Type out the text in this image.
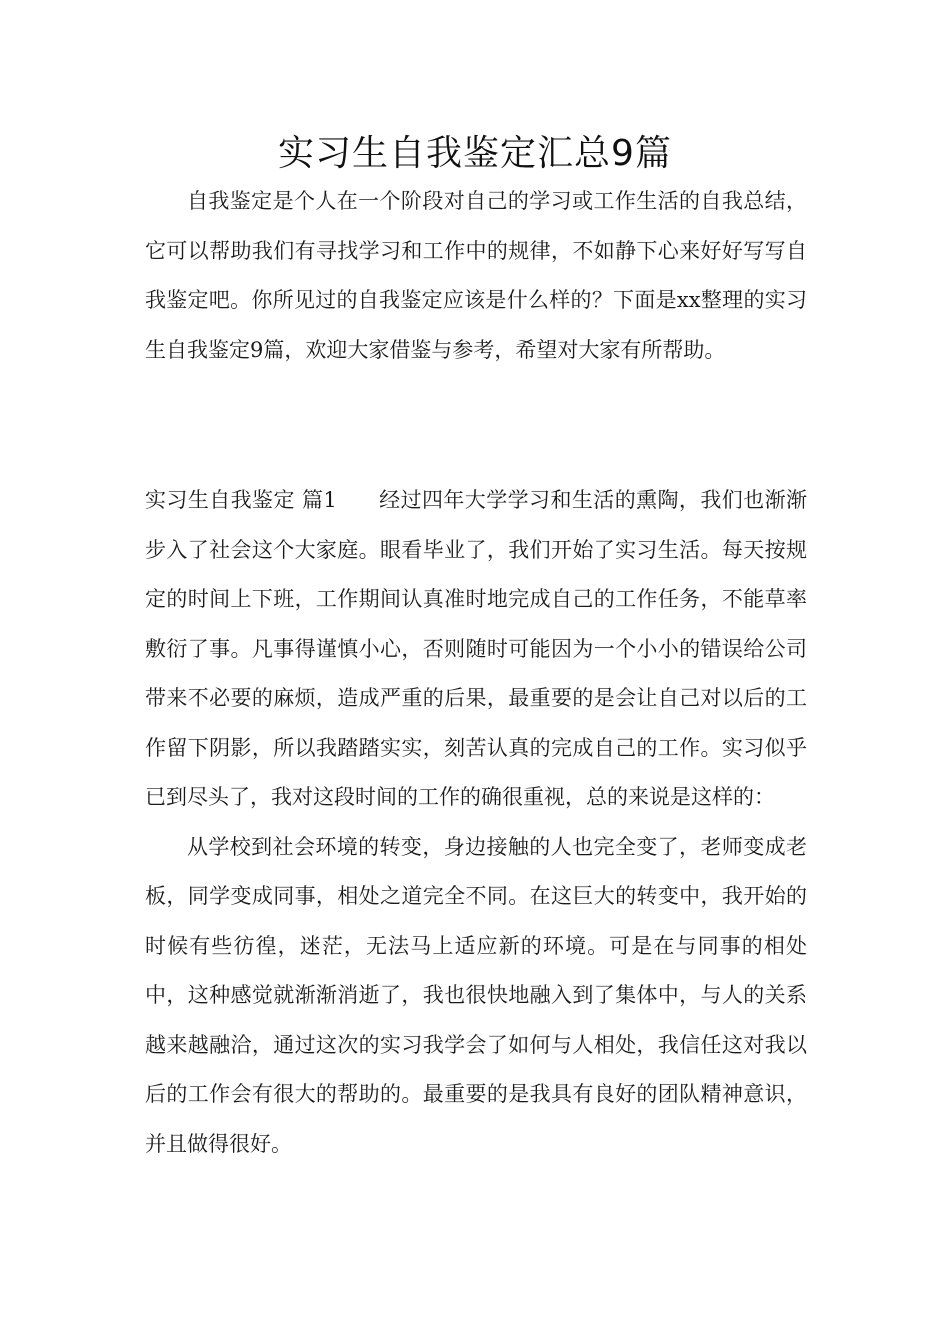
实习生自我鉴定汇总9篇

自我鉴定是个人在一个阶段对自己的学习或工作生活的自我总结，它可以帮助我们有寻找学习和工作中的规律，不如静下心来好好写写自我鉴定吧。你所见过的自我鉴定应该是什么样的？下面是xx整理的实习生自我鉴定9篇，欢迎大家借鉴与参考，希望对大家有所帮助。

实习生自我鉴定 篇1 经过四年大学学习和生活的熏陶，我们也渐渐步入了社会这个大家庭。眼看毕业了，我们开始了实习生活。每天按规定的时间上下班，工作期间认真准时地完成自己的工作任务，不能草率敷衍了事。凡事得谨慎小心，否则随时可能因为一个小小的错误给公司带来不必要的麻烦，造成严重的后果，最重要的是会让自己对以后的工作留下阴影，所以我踏踏实实，刻苦认真的完成自己的工作。实习似乎已到尽头了，我对这段时间的工作的确很重视，总的来说是这样的：

从学校到社会环境的转变，身边接触的人也完全变了，老师变成老板，同学变成同事，相处之道完全不同。在这巨大的转变中，我开始的时候有些彷徨，迷茫，无法马上适应新的环境。可是在与同事的相处中，这种感觉就渐渐消逝了，我也很快地融入到了集体中，与人的关系越来越融洽，通过这次的实习我学会了如何与人相处，我信任这对我以后的工作会有很大的帮助的。最重要的是我具有良好的团队精神意识，并且做得很好。
